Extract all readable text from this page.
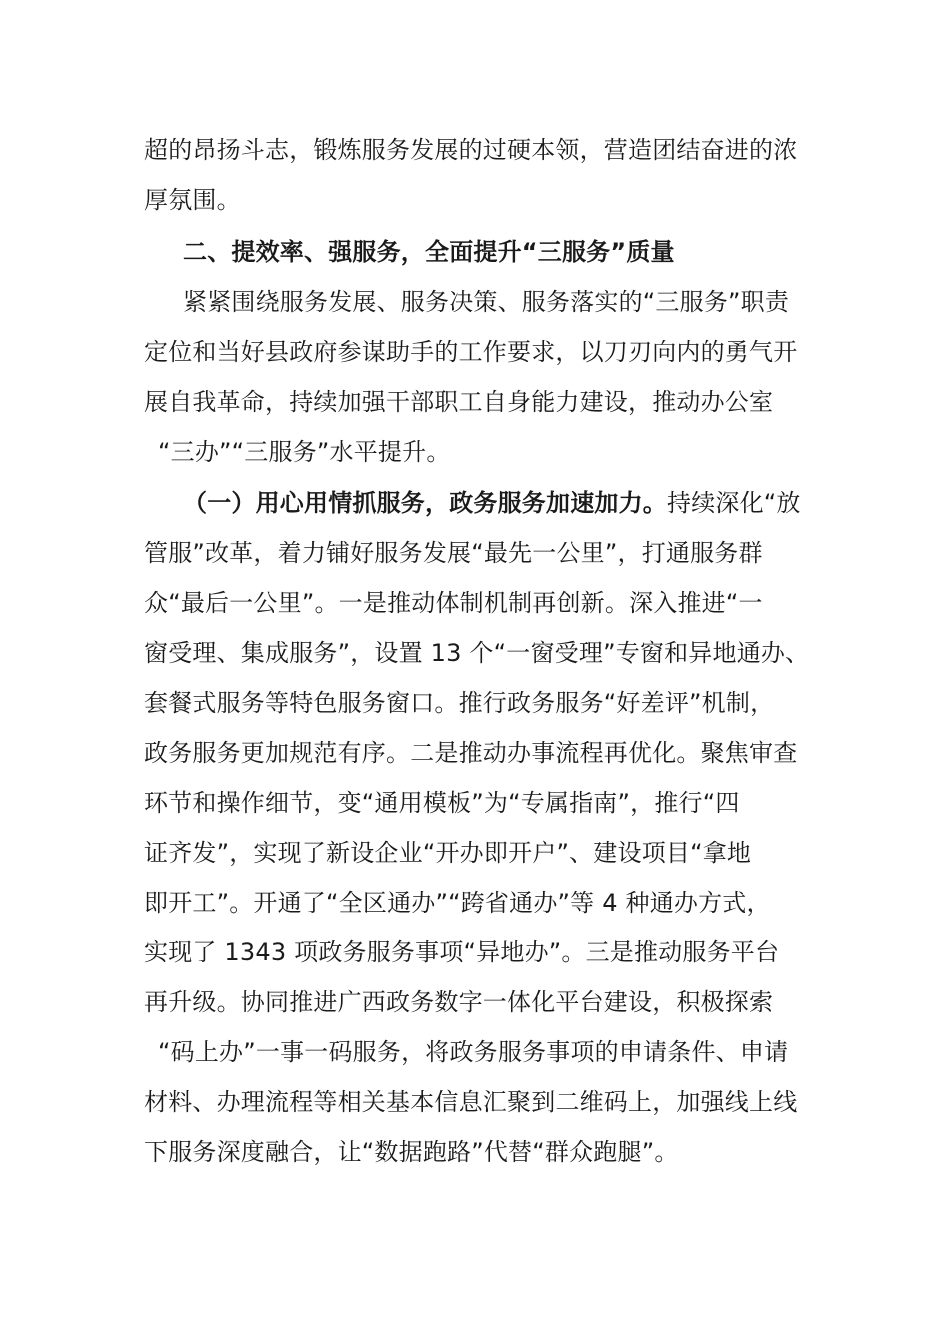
超的昂扬斗志，锻炼服务发展的过硬本领，营造团结奋进的浓
厚氛围。
二、提效率、强服务，全面提升“三服务”质量
紧紧围绕服务发展、服务决策、服务落实的“三服务”职责
定位和当好县政府参谋助手的工作要求，以刀刃向内的勇气开
展自我革命，持续加强干部职工自身能力建设，推动办公室
“三办”“三服务”水平提升。
（一）用心用情抓服务，政务服务加速加力。持续深化“放
管服”改革，着力铺好服务发展“最先一公里”，打通服务群
众“最后一公里”。一是推动体制机制再创新。深入推进“一
窗受理、集成服务”，设置 13 个“一窗受理”专窗和异地通办、
套餐式服务等特色服务窗口。推行政务服务“好差评”机制，
政务服务更加规范有序。二是推动办事流程再优化。聚焦审查
环节和操作细节，变“通用模板”为“专属指南”，推行“四
证齐发”，实现了新设企业“开办即开户”、建设项目“拿地
即开工”。开通了“全区通办”“跨省通办”等 4 种通办方式，
实现了 1343 项政务服务事项“异地办”。三是推动服务平台
再升级。协同推进广西政务数字一体化平台建设，积极探索
“码上办”一事一码服务，将政务服务事项的申请条件、申请
材料、办理流程等相关基本信息汇聚到二维码上，加强线上线
下服务深度融合，让“数据跑路”代替“群众跑腿”。
